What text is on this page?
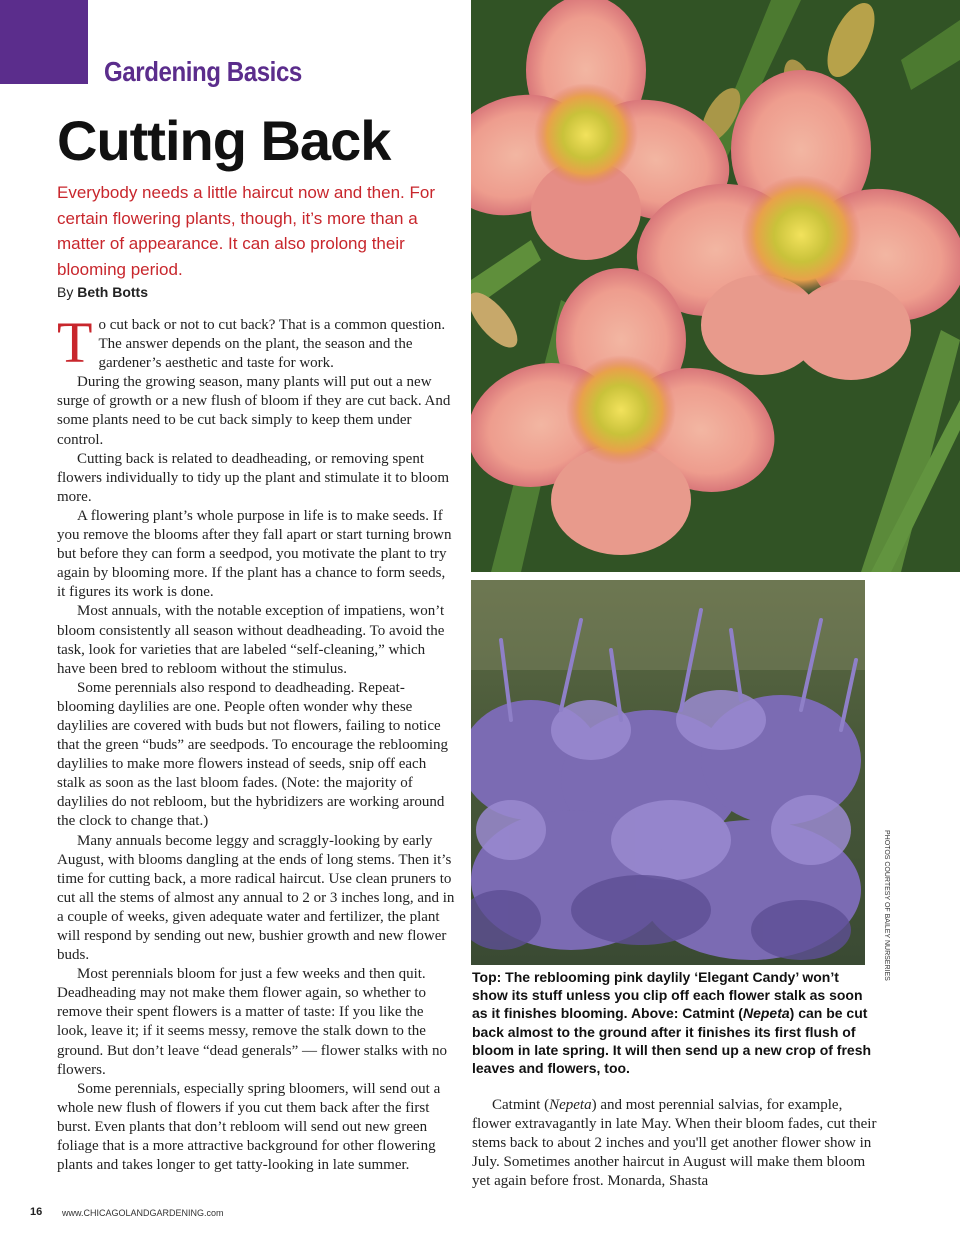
Gardening Basics
Cutting Back

Everybody needs a little haircut now and then. For certain flowering plants, though, it’s more than a matter of appearance. It can also prolong their blooming period.

By Beth Botts

To cut back or not to cut back? That is a common question. The answer depends on the plant, the season and the gardener’s aesthetic and taste for work.

During the growing season, many plants will put out a new surge of growth or a new flush of bloom if they are cut back. And some plants need to be cut back simply to keep them under control.

Cutting back is related to deadheading, or removing spent flowers individually to tidy up the plant and stimulate it to bloom more.

A flowering plant’s whole purpose in life is to make seeds. If you remove the blooms after they fall apart or start turning brown but before they can form a seedpod, you motivate the plant to try again by blooming more. If the plant has a chance to form seeds, it figures its work is done.

Most annuals, with the notable exception of impatiens, won’t bloom consistently all season without deadheading. To avoid the task, look for varieties that are labeled “self-cleaning,” which have been bred to rebloom without the stimulus.

Some perennials also respond to deadheading. Repeat-blooming daylilies are one. People often wonder why these daylilies are covered with buds but not flowers, failing to notice that the green “buds” are seedpods. To encourage the reblooming daylilies to make more flowers instead of seeds, snip off each stalk as soon as the last bloom fades. (Note: the majority of daylilies do not rebloom, but the hybridizers are working around the clock to change that.)

Many annuals become leggy and scraggly-looking by early August, with blooms dangling at the ends of long stems. Then it’s time for cutting back, a more radical haircut. Use clean pruners to cut all the stems of almost any annual to 2 or 3 inches long, and in a couple of weeks, given adequate water and fertilizer, the plant will respond by sending out new, bushier growth and new flower buds.

Most perennials bloom for just a few weeks and then quit. Deadheading may not make them flower again, so whether to remove their spent flowers is a matter of taste: If you like the look, leave it; if it seems messy, remove the stalk down to the ground. But don’t leave “dead generals” — flower stalks with no flowers.

Some perennials, especially spring bloomers, will send out a whole new flush of flowers if you cut them back after the first burst. Even plants that don’t rebloom will send out new green foliage that is a more attractive background for other flowering plants and takes longer to get tatty-looking in late summer.

PHOTOS COURTESY OF BAILEY NURSERIES

Top: The reblooming pink daylily ‘Elegant Candy’ won’t show its stuff unless you clip off each flower stalk as soon as it finishes blooming. Above: Catmint (Nepeta) can be cut back almost to the ground after it finishes its first flush of bloom in late spring. It will then send up a new crop of fresh leaves and flowers, too.

Catmint (Nepeta) and most perennial salvias, for example, flower extravagantly in late May. When their bloom fades, cut their stems back to about 2 inches and you'll get another flower show in July. Sometimes another haircut in August will make them bloom yet again before frost. Monarda, Shasta

16 www.CHICAGOLANDGARDENING.com
